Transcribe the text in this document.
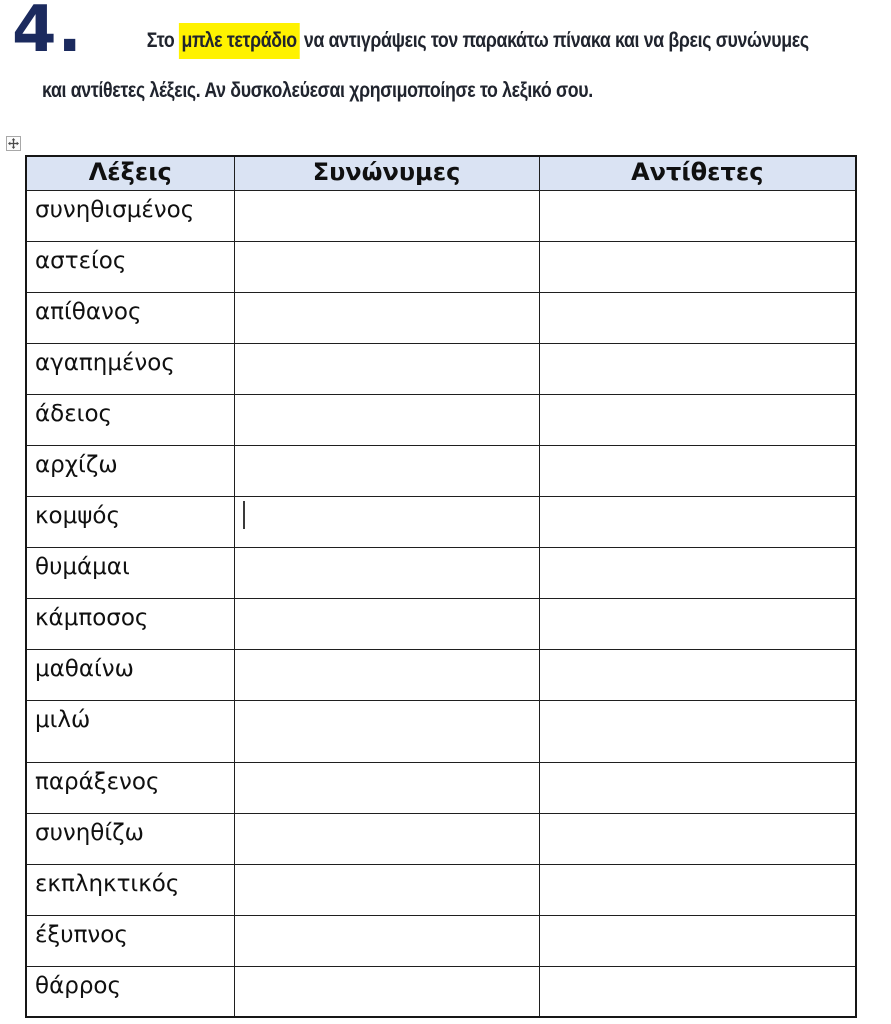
4.	Στο μπλε τετράδιο να αντιγράψεις τον παρακάτω πίνακα και να βρεις συνώνυμες
και αντίθετες λέξεις. Αν δυσκολεύεσαι χρησιμοποίησε το λεξικό σου.
Λέξεις	Συνώνυμες	Αντίθετες
συνηθισμένος		
αστείος		
απίθανος		
αγαπημένος		
άδειος		
αρχίζω		
κομψός		
θυμάμαι		
κάμποσος		
μαθαίνω		
μιλώ		
παράξενος		
συνηθίζω		
εκπληκτικός		
έξυπνος		
θάρρος		
